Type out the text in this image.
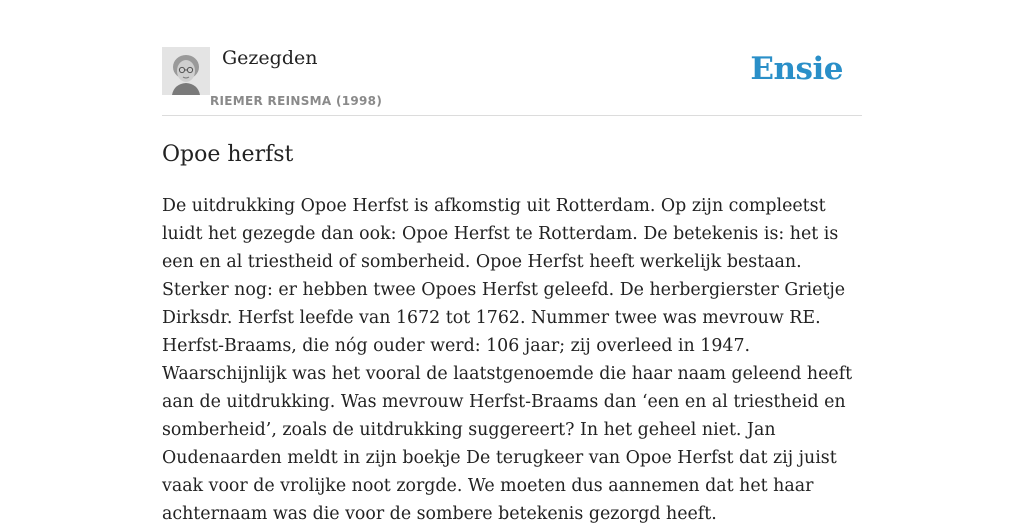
Gezegden
RIEMER REINSMA (1998)
Ensie
Opoe herfst

De uitdrukking Opoe Herfst is afkomstig uit Rotterdam. Op zijn compleetst luidt het gezegde dan ook: Opoe Herfst te Rotterdam. De betekenis is: het is een en al triestheid of somberheid. Opoe Herfst heeft werkelijk bestaan. Sterker nog: er hebben twee Opoes Herfst geleefd. De herbergierster Grietje Dirksdr. Herfst leefde van 1672 tot 1762. Nummer twee was mevrouw RE. Herfst-Braams, die nóg ouder werd: 106 jaar; zij overleed in 1947. Waarschijnlijk was het vooral de laatstgenoemde die haar naam geleend heeft aan de uitdrukking. Was mevrouw Herfst-Braams dan ‘een en al triestheid en somberheid’, zoals de uitdrukking suggereert? In het geheel niet. Jan Oudenaarden meldt in zijn boekje De terugkeer van Opoe Herfst dat zij juist vaak voor de vrolijke noot zorgde. We moeten dus aannemen dat het haar achternaam was die voor de sombere betekenis gezorgd heeft.
